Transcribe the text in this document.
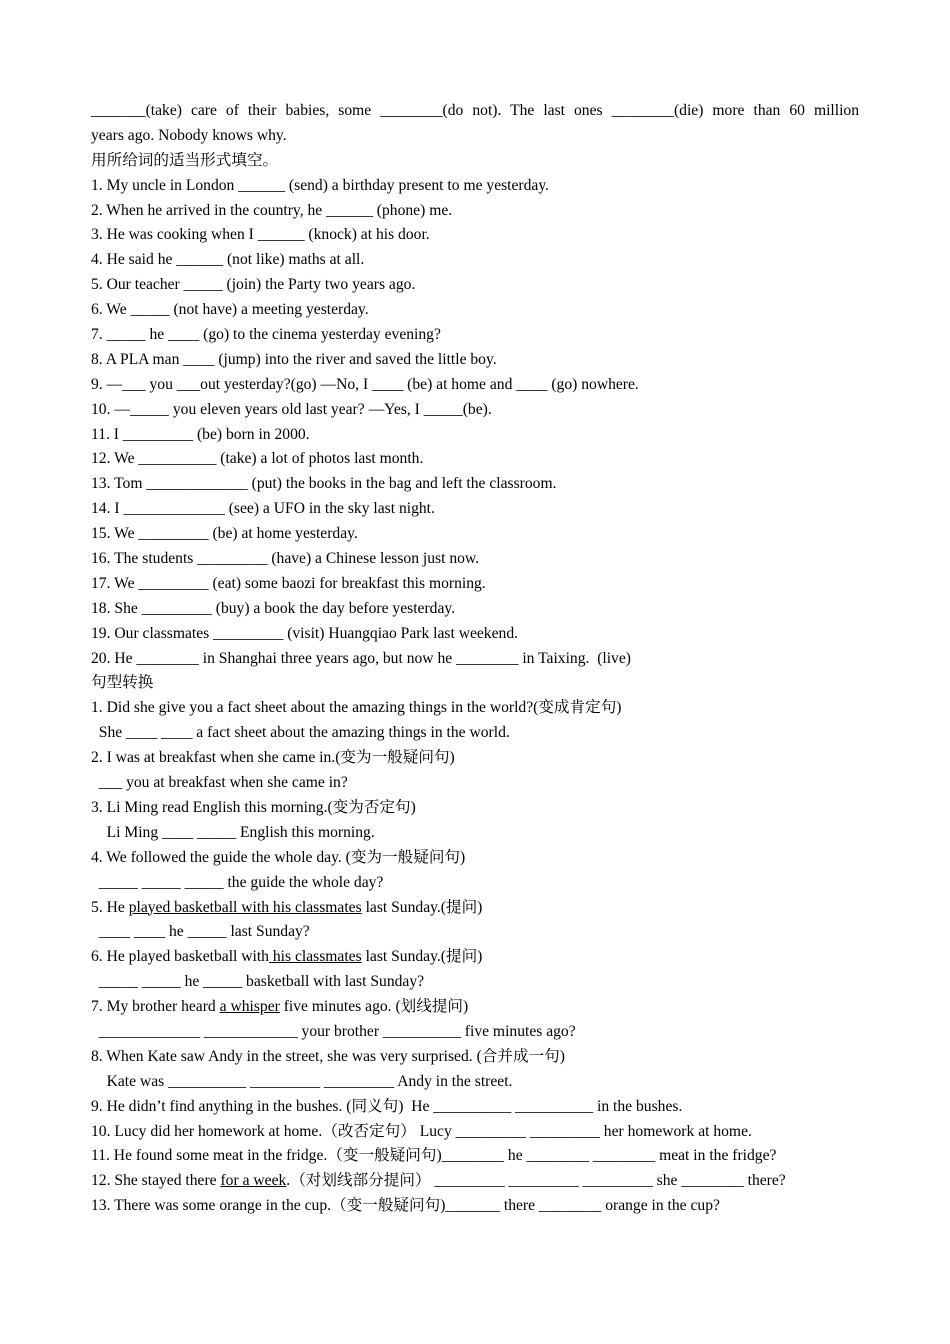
_______(take) care of their babies, some ________(do not). The last ones ________(die) more than 60 million
years ago. Nobody knows why.
用所给词的适当形式填空。
1. My uncle in London ______ (send) a birthday present to me yesterday.
2. When he arrived in the country, he ______ (phone) me.
3. He was cooking when I ______ (knock) at his door.
4. He said he ______ (not like) maths at all.
5. Our teacher _____ (join) the Party two years ago.
6. We _____ (not have) a meeting yesterday.
7. _____ he ____ (go) to the cinema yesterday evening?
8. A PLA man ____ (jump) into the river and saved the little boy.
9. —___ you ___out yesterday?(go) —No, I ____ (be) at home and ____ (go) nowhere.
10. —_____ you eleven years old last year? —Yes, I _____(be).
11. I _________ (be) born in 2000.
12. We __________ (take) a lot of photos last month.
13. Tom _____________ (put) the books in the bag and left the classroom.
14. I _____________ (see) a UFO in the sky last night.
15. We _________ (be) at home yesterday.
16. The students _________ (have) a Chinese lesson just now.
17. We _________ (eat) some baozi for breakfast this morning.
18. She _________ (buy) a book the day before yesterday.
19. Our classmates _________ (visit) Huangqiao Park last weekend.
20. He ________ in Shanghai three years ago, but now he ________ in Taixing.  (live)
句型转换
1. Did she give you a fact sheet about the amazing things in the world?(变成肯定句)
She ____ ____ a fact sheet about the amazing things in the world.
2. I was at breakfast when she came in.(变为一般疑问句)
___ you at breakfast when she came in?
3. Li Ming read English this morning.(变为否定句)
Li Ming ____ _____ English this morning.
4. We followed the guide the whole day. (变为一般疑问句)
_____ _____ _____ the guide the whole day?
5. He played basketball with his classmates last Sunday.(提问)
____ ____ he _____ last Sunday?
6. He played basketball with his classmates last Sunday.(提问)
_____ _____ he _____ basketball with last Sunday?
7. My brother heard a whisper five minutes ago. (划线提问)
_____________ ____________ your brother __________ five minutes ago?
8. When Kate saw Andy in the street, she was very surprised. (合并成一句)
Kate was __________ _________ _________ Andy in the street.
9. He didn’t find anything in the bushes. (同义句)  He __________ __________ in the bushes.
10. Lucy did her homework at home.（改否定句） Lucy _________ _________ her homework at home.
11. He found some meat in the fridge.（变一般疑问句)________ he ________ ________ meat in the fridge?
12. She stayed there for a week.（对划线部分提问） _________ _________ _________ she ________ there?
13. There was some orange in the cup.（变一般疑问句)_______ there ________ orange in the cup?
